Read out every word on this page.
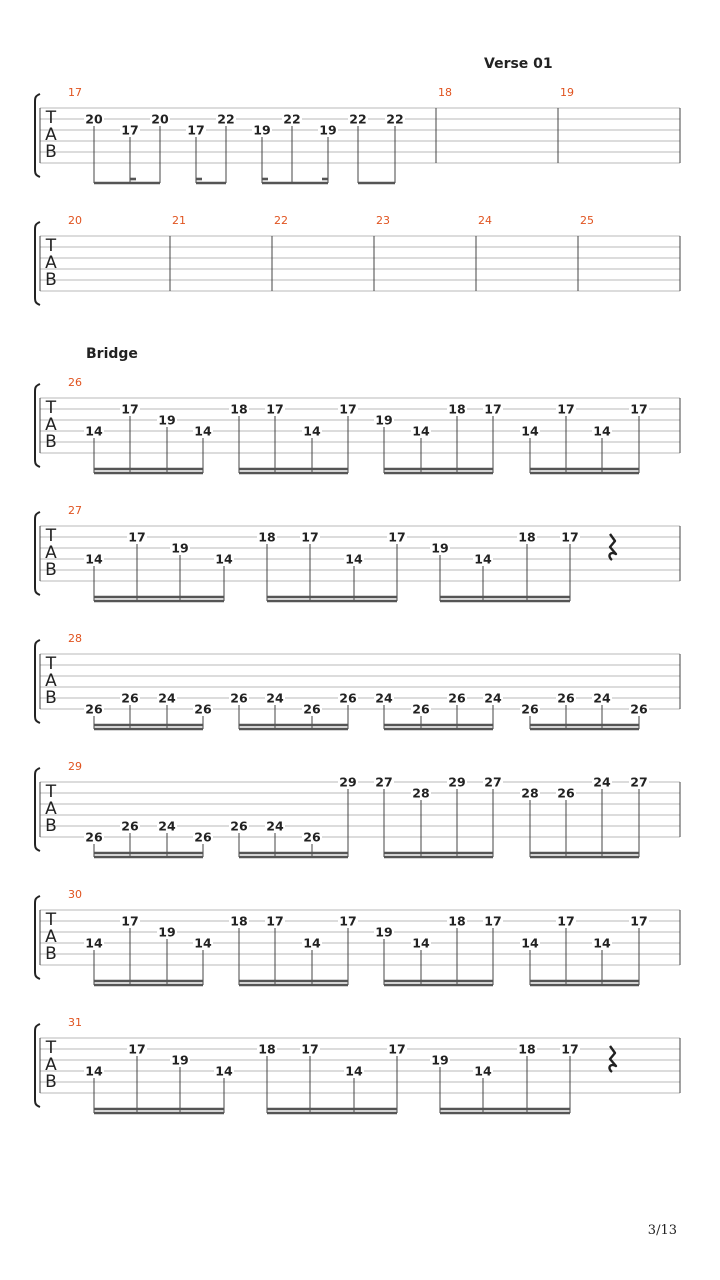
T
A
B
17
20
17
20
17
22
19
22
19
22 22
18	19
Verse 01
T
A
B
20	21	22	23	24	25
T
A
B
26
14
17
19
14
18 17
14
17
19
14
18 17
14
17
14
17
Bridge
T
A
B
27
14
17
19
14
18 17
14
17
19
14
18 17
T
A
B
28
26
26 24
26
26 24
26
26 24
26
26 24
26
26 24
26
T
A
B
29
26
26 24
26
26 24
26
29 27
28
29 27
28 26
24 27
T
A
B
30
14
17
19
14
18 17
14
17
19
14
18 17
14
17
14
17
T
A
B
31
14
17
19
14
18 17
14
17
19
14
18 17
3/13
